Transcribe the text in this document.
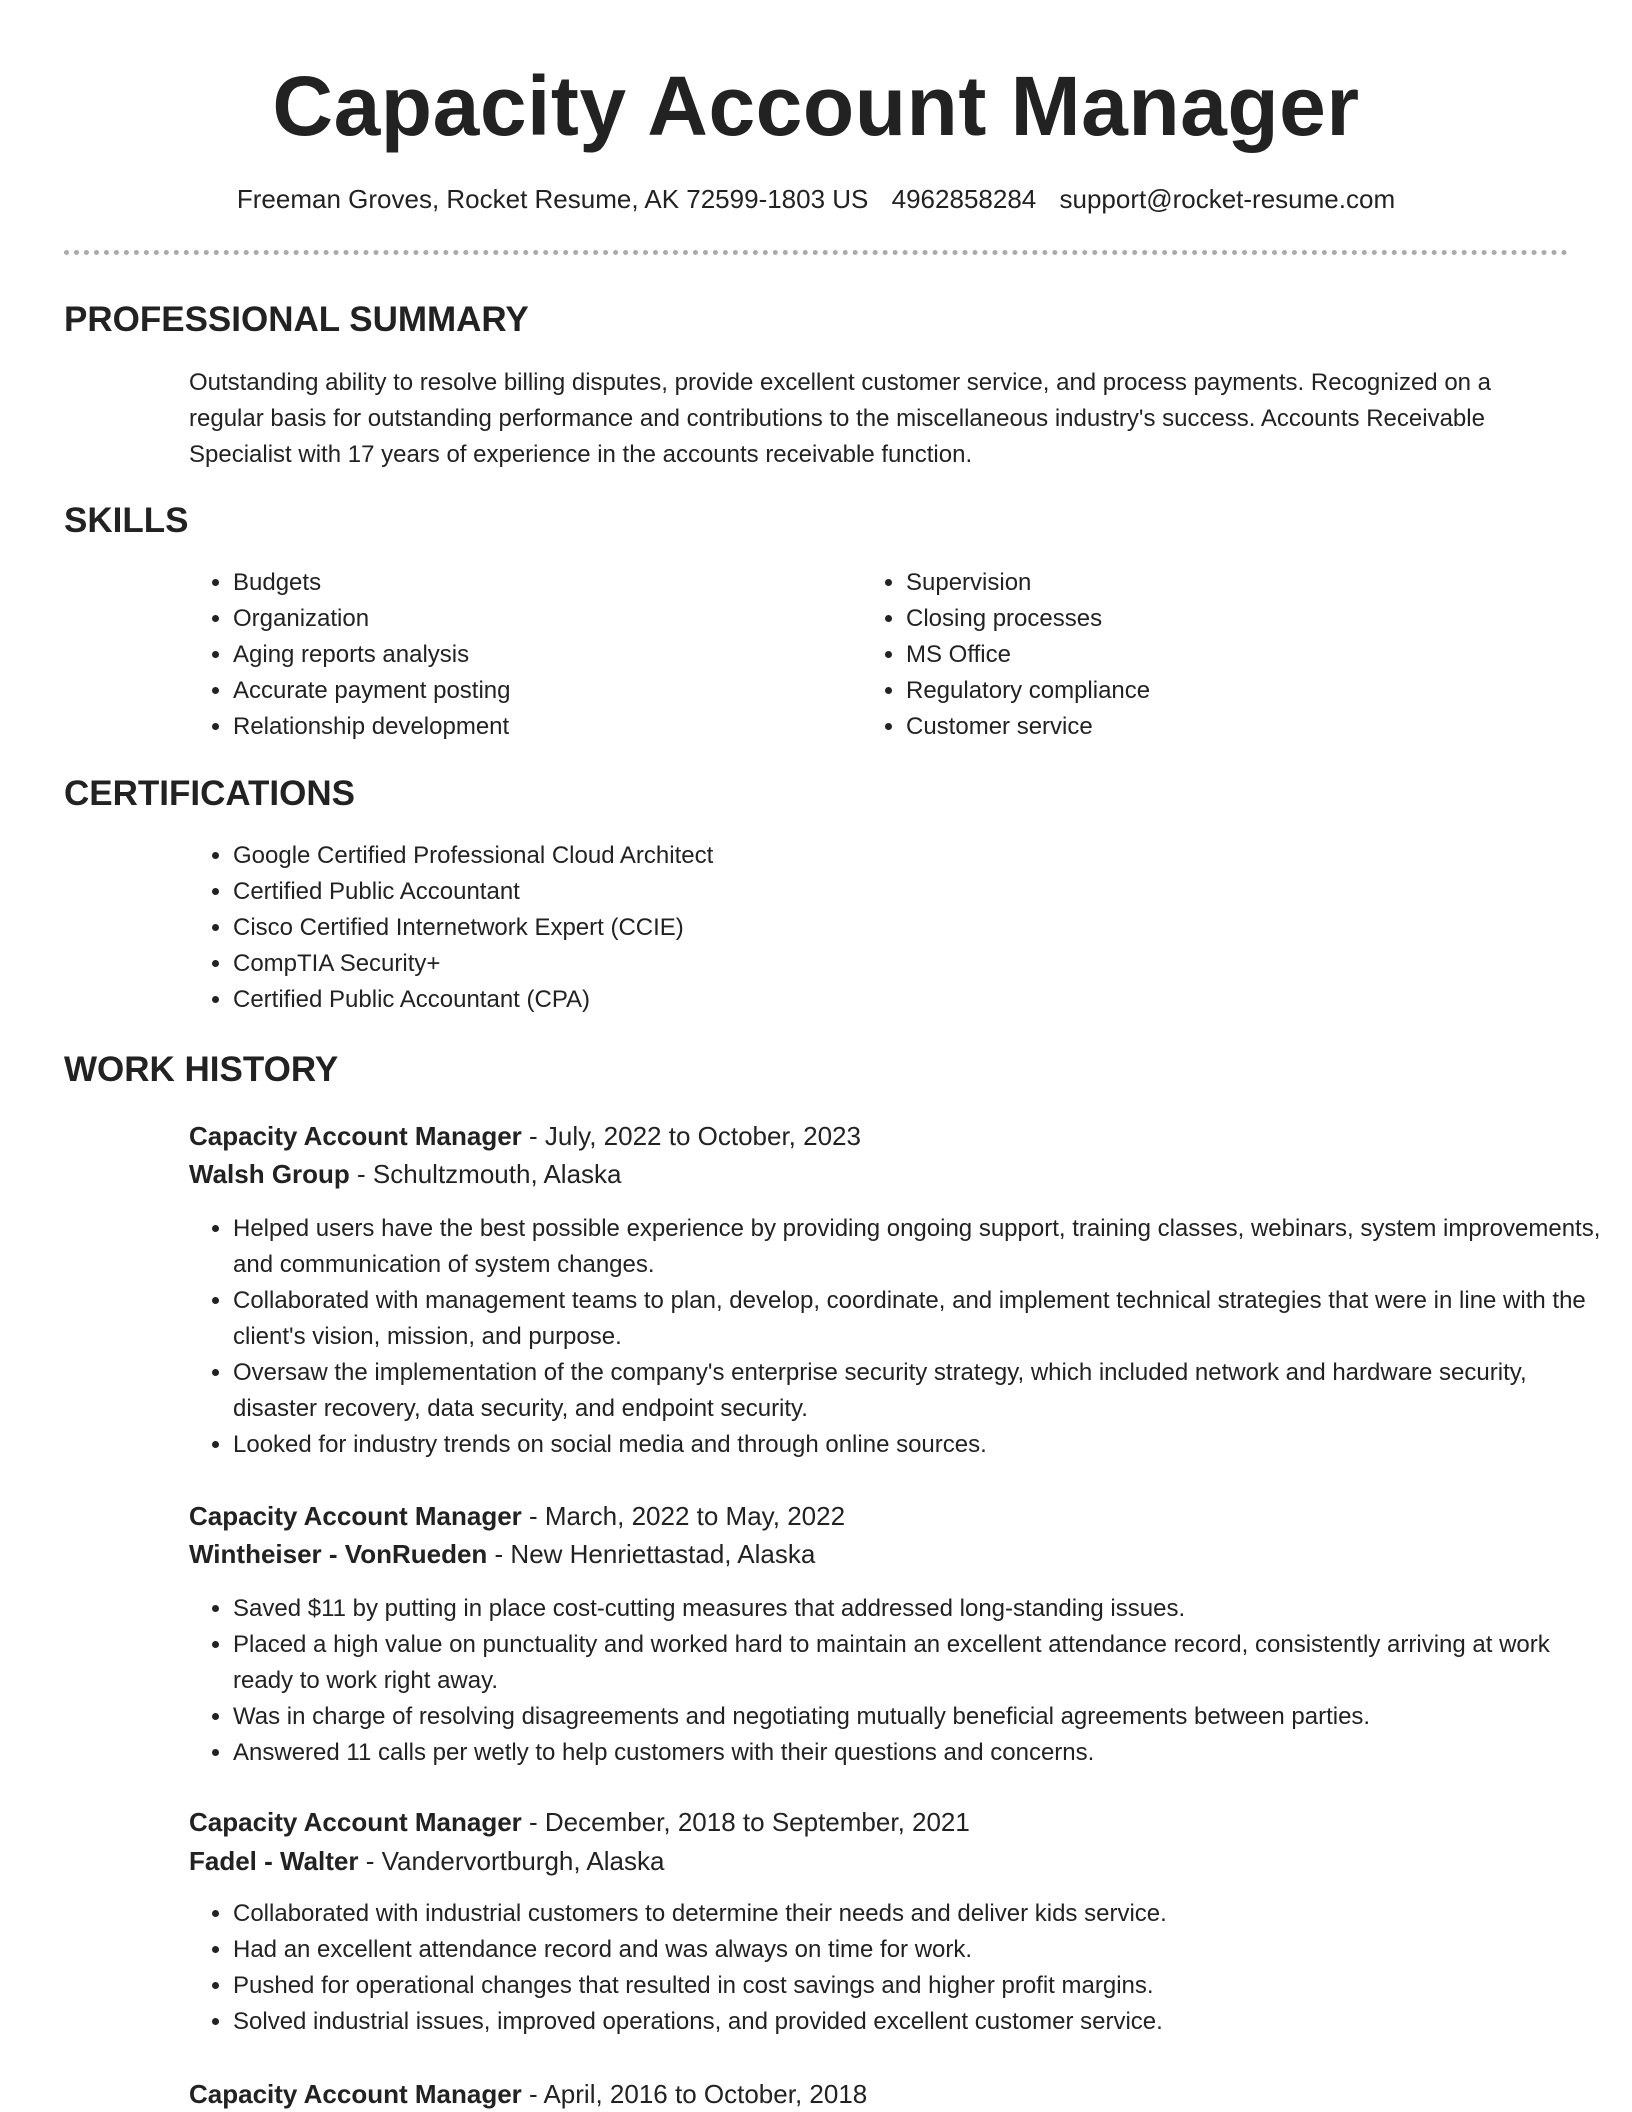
Capacity Account Manager
Freeman Groves, Rocket Resume, AK 72599-1803 US 4962858284 support@rocket-resume.com
PROFESSIONAL SUMMARY

Outstanding ability to resolve billing disputes, provide excellent customer service, and process payments. Recognized on a regular basis for outstanding performance and contributions to the miscellaneous industry's success. Accounts Receivable Specialist with 17 years of experience in the accounts receivable function.

SKILLS
• Budgets
• Organization
• Aging reports analysis
• Accurate payment posting
• Relationship development
• Supervision
• Closing processes
• MS Office
• Regulatory compliance
• Customer service
CERTIFICATIONS
• Google Certified Professional Cloud Architect
• Certified Public Accountant
• Cisco Certified Internetwork Expert (CCIE)
• CompTIA Security+
• Certified Public Accountant (CPA)
WORK HISTORY
Capacity Account Manager - July, 2022 to October, 2023
Walsh Group - Schultzmouth, Alaska
• Helped users have the best possible experience by providing ongoing support, training classes, webinars, system improvements, and communication of system changes.
• Collaborated with management teams to plan, develop, coordinate, and implement technical strategies that were in line with the client's vision, mission, and purpose.
• Oversaw the implementation of the company's enterprise security strategy, which included network and hardware security, disaster recovery, data security, and endpoint security.
• Looked for industry trends on social media and through online sources.
Capacity Account Manager - March, 2022 to May, 2022
Wintheiser - VonRueden - New Henriettastad, Alaska
• Saved $11 by putting in place cost-cutting measures that addressed long-standing issues.
• Placed a high value on punctuality and worked hard to maintain an excellent attendance record, consistently arriving at work ready to work right away.
• Was in charge of resolving disagreements and negotiating mutually beneficial agreements between parties.
• Answered 11 calls per wetly to help customers with their questions and concerns.
Capacity Account Manager - December, 2018 to September, 2021
Fadel - Walter - Vandervortburgh, Alaska
• Collaborated with industrial customers to determine their needs and deliver kids service.
• Had an excellent attendance record and was always on time for work.
• Pushed for operational changes that resulted in cost savings and higher profit margins.
• Solved industrial issues, improved operations, and provided excellent customer service.
Capacity Account Manager - April, 2016 to October, 2018
